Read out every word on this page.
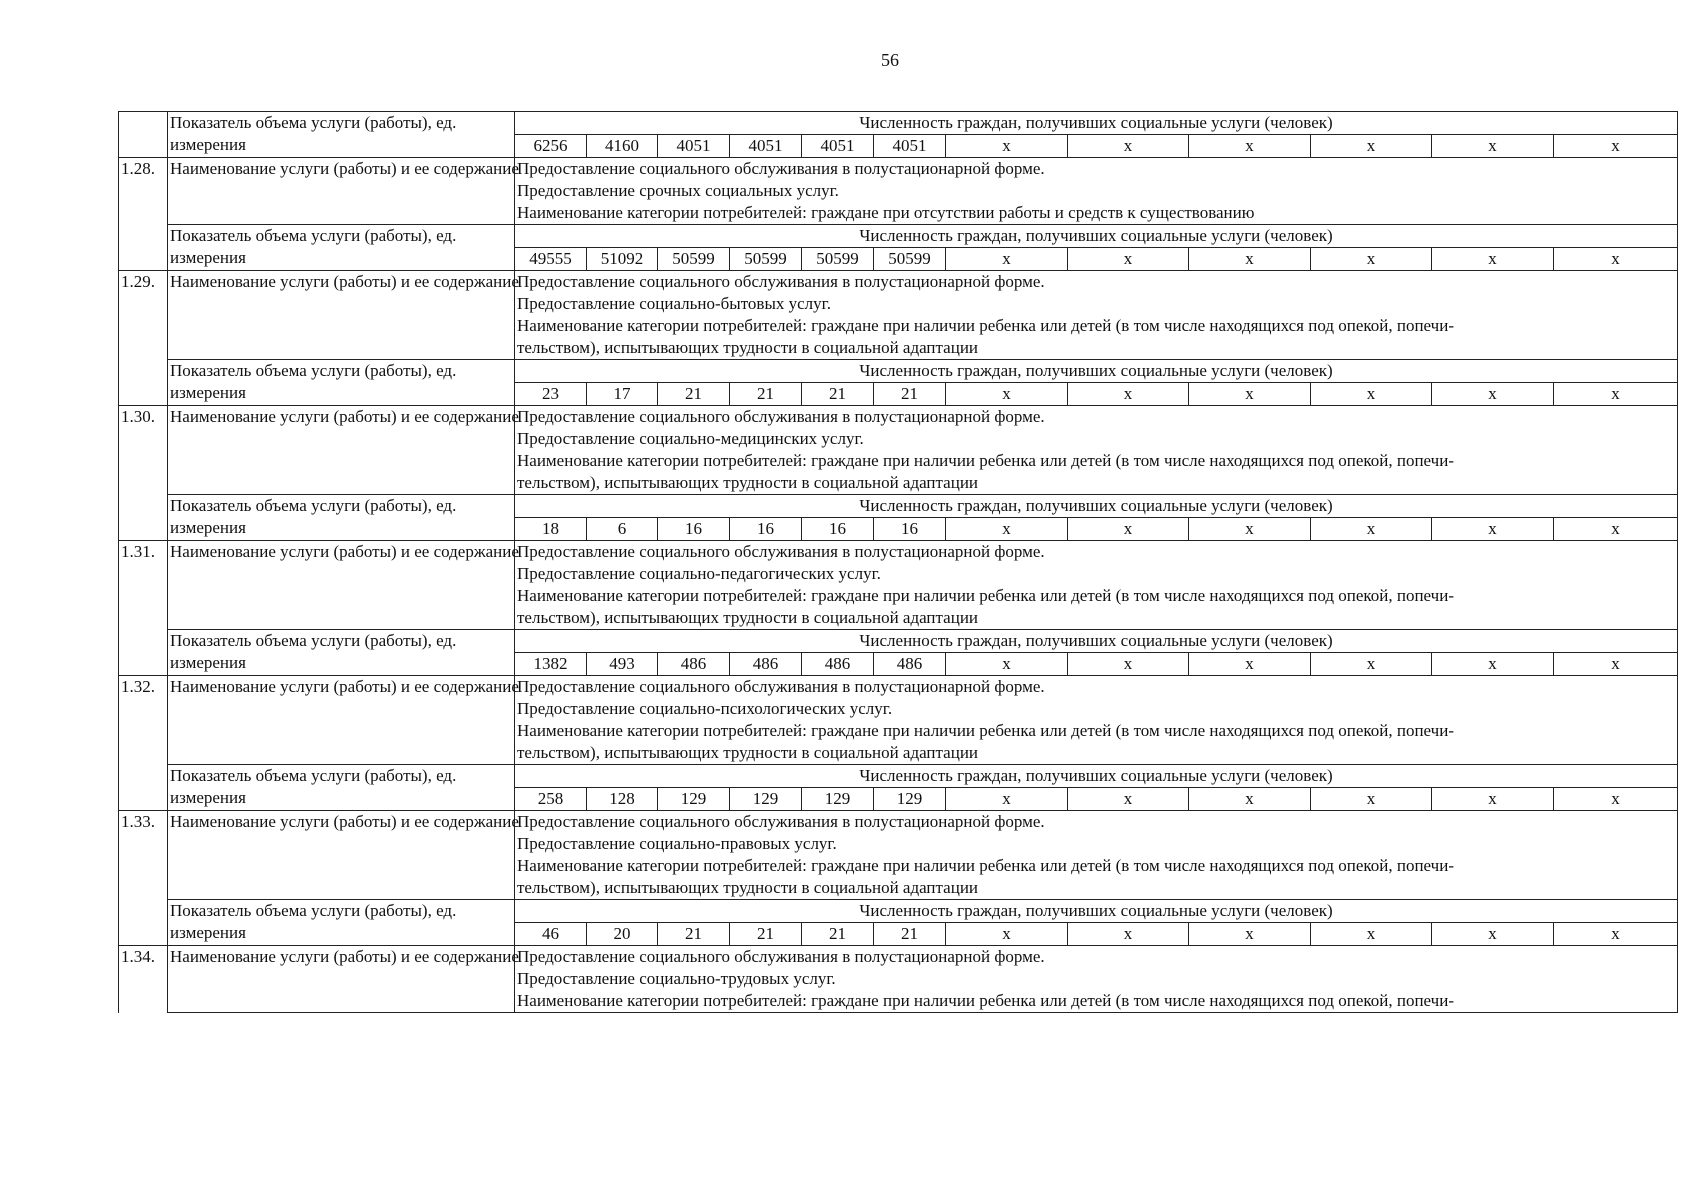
56

	Показатель объема услуги (работы), ед.
измерения	Численность граждан, получивших социальные услуги (человек)											
		6256	4160	4051	4051	4051	4051	x	x	x	x	x	x
1.28.	Наименование услуги (работы) и ее содержание	Предоставление социального обслуживания в полустационарной форме.
Предоставление срочных социальных услуг.
Наименование категории потребителей: граждане при отсутствии работы и средств к существованию											

	Показатель объема услуги (работы), ед.
измерения	Численность граждан, получивших социальные услуги (человек)											
		49555	51092	50599	50599	50599	50599	x	x	x	x	x	x
1.29.	Наименование услуги (работы) и ее содержание	Предоставление социального обслуживания в полустационарной форме.
Предоставление социально-бытовых услуг.
Наименование категории потребителей: граждане при наличии ребенка или детей (в том числе находящихся под опекой, попечи-
тельством), испытывающих трудности в социальной адаптации											

	Показатель объема услуги (работы), ед.
измерения	Численность граждан, получивших социальные услуги (человек)											
		23	17	21	21	21	21	x	x	x	x	x	x
1.30.	Наименование услуги (работы) и ее содержание	Предоставление социального обслуживания в полустационарной форме.
Предоставление социально-медицинских услуг.
Наименование категории потребителей: граждане при наличии ребенка или детей (в том числе находящихся под опекой, попечи-
тельством), испытывающих трудности в социальной адаптации											

	Показатель объема услуги (работы), ед.
измерения	Численность граждан, получивших социальные услуги (человек)											
		18	6	16	16	16	16	x	x	x	x	x	x
1.31.	Наименование услуги (работы) и ее содержание	Предоставление социального обслуживания в полустационарной форме.
Предоставление социально-педагогических услуг.
Наименование категории потребителей: граждане при наличии ребенка или детей (в том числе находящихся под опекой, попечи-
тельством), испытывающих трудности в социальной адаптации											

	Показатель объема услуги (работы), ед.
измерения	Численность граждан, получивших социальные услуги (человек)											
		1382	493	486	486	486	486	x	x	x	x	x	x
1.32.	Наименование услуги (работы) и ее содержание	Предоставление социального обслуживания в полустационарной форме.
Предоставление социально-психологических услуг.
Наименование категории потребителей: граждане при наличии ребенка или детей (в том числе находящихся под опекой, попечи-
тельством), испытывающих трудности в социальной адаптации											

	Показатель объема услуги (работы), ед.
измерения	Численность граждан, получивших социальные услуги (человек)											
		258	128	129	129	129	129	x	x	x	x	x	x
1.33.	Наименование услуги (работы) и ее содержание	Предоставление социального обслуживания в полустационарной форме.
Предоставление социально-правовых услуг.
Наименование категории потребителей: граждане при наличии ребенка или детей (в том числе находящихся под опекой, попечи-
тельством), испытывающих трудности в социальной адаптации											

	Показатель объема услуги (работы), ед.
измерения	Численность граждан, получивших социальные услуги (человек)											
		46	20	21	21	21	21	x	x	x	x	x	x
1.34.	Наименование услуги (работы) и ее содержание	Предоставление социального обслуживания в полустационарной форме.
Предоставление социально-трудовых услуг.
Наименование категории потребителей: граждане при наличии ребенка или детей (в том числе находящихся под опекой, попечи-											
